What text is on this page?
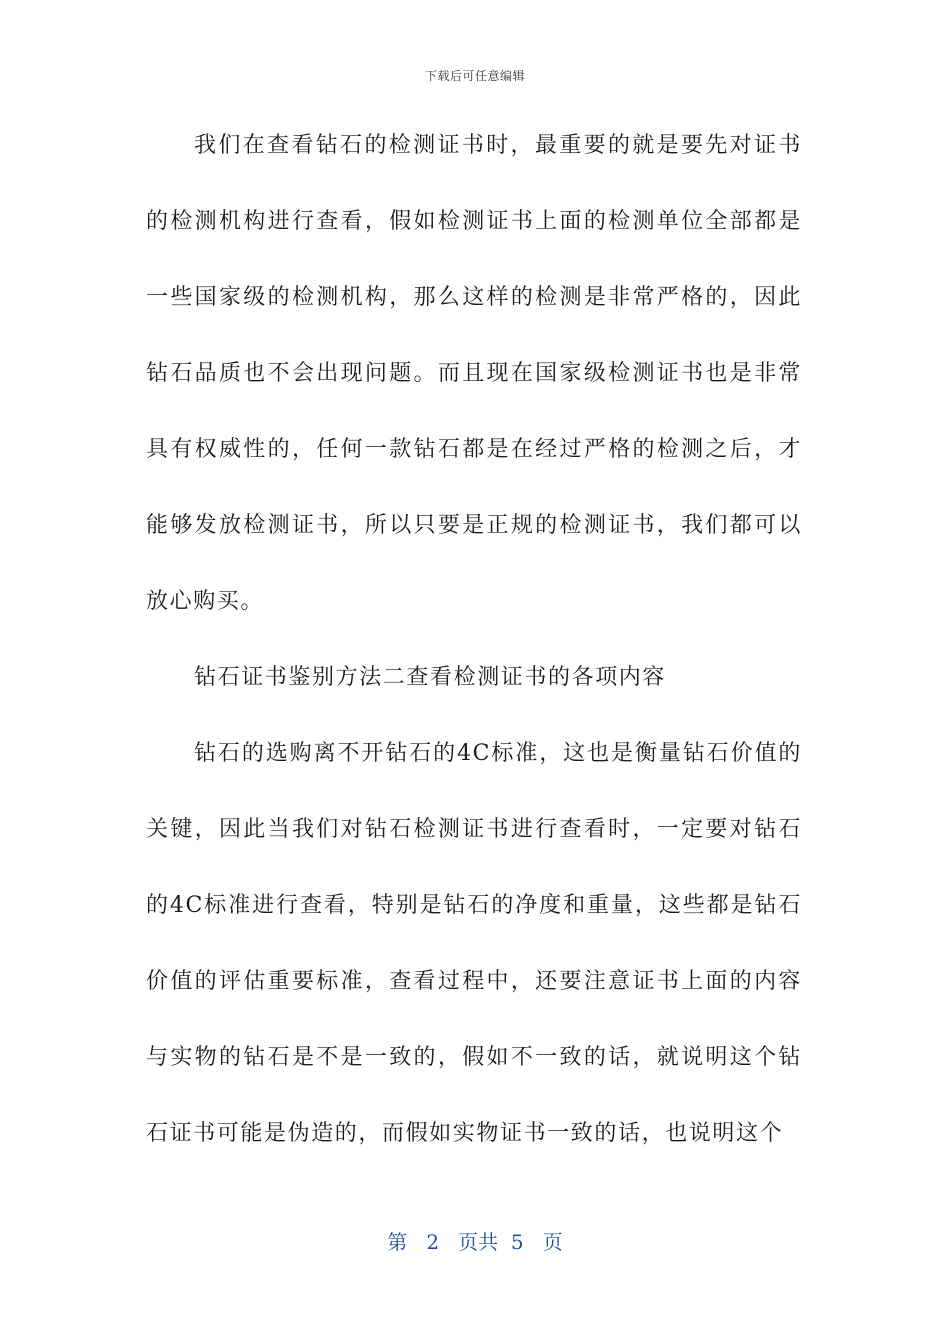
下载后可任意编辑

我们在查看钻石的检测证书时，最重要的就是要先对证书的检测机构进行查看，假如检测证书上面的检测单位全部都是一些国家级的检测机构，那么这样的检测是非常严格的，因此钻石品质也不会出现问题。而且现在国家级检测证书也是非常具有权威性的，任何一款钻石都是在经过严格的检测之后，才能够发放检测证书，所以只要是正规的检测证书，我们都可以放心购买。

钻石证书鉴别方法二查看检测证书的各项内容

钻石的选购离不开钻石的4C标准，这也是衡量钻石价值的关键，因此当我们对钻石检测证书进行查看时，一定要对钻石的4C标准进行查看，特别是钻石的净度和重量，这些都是钻石价值的评估重要标准，查看过程中，还要注意证书上面的内容与实物的钻石是不是一致的，假如不一致的话，就说明这个钻石证书可能是伪造的，而假如实物证书一致的话，也说明这个

第 2 页共 5 页
